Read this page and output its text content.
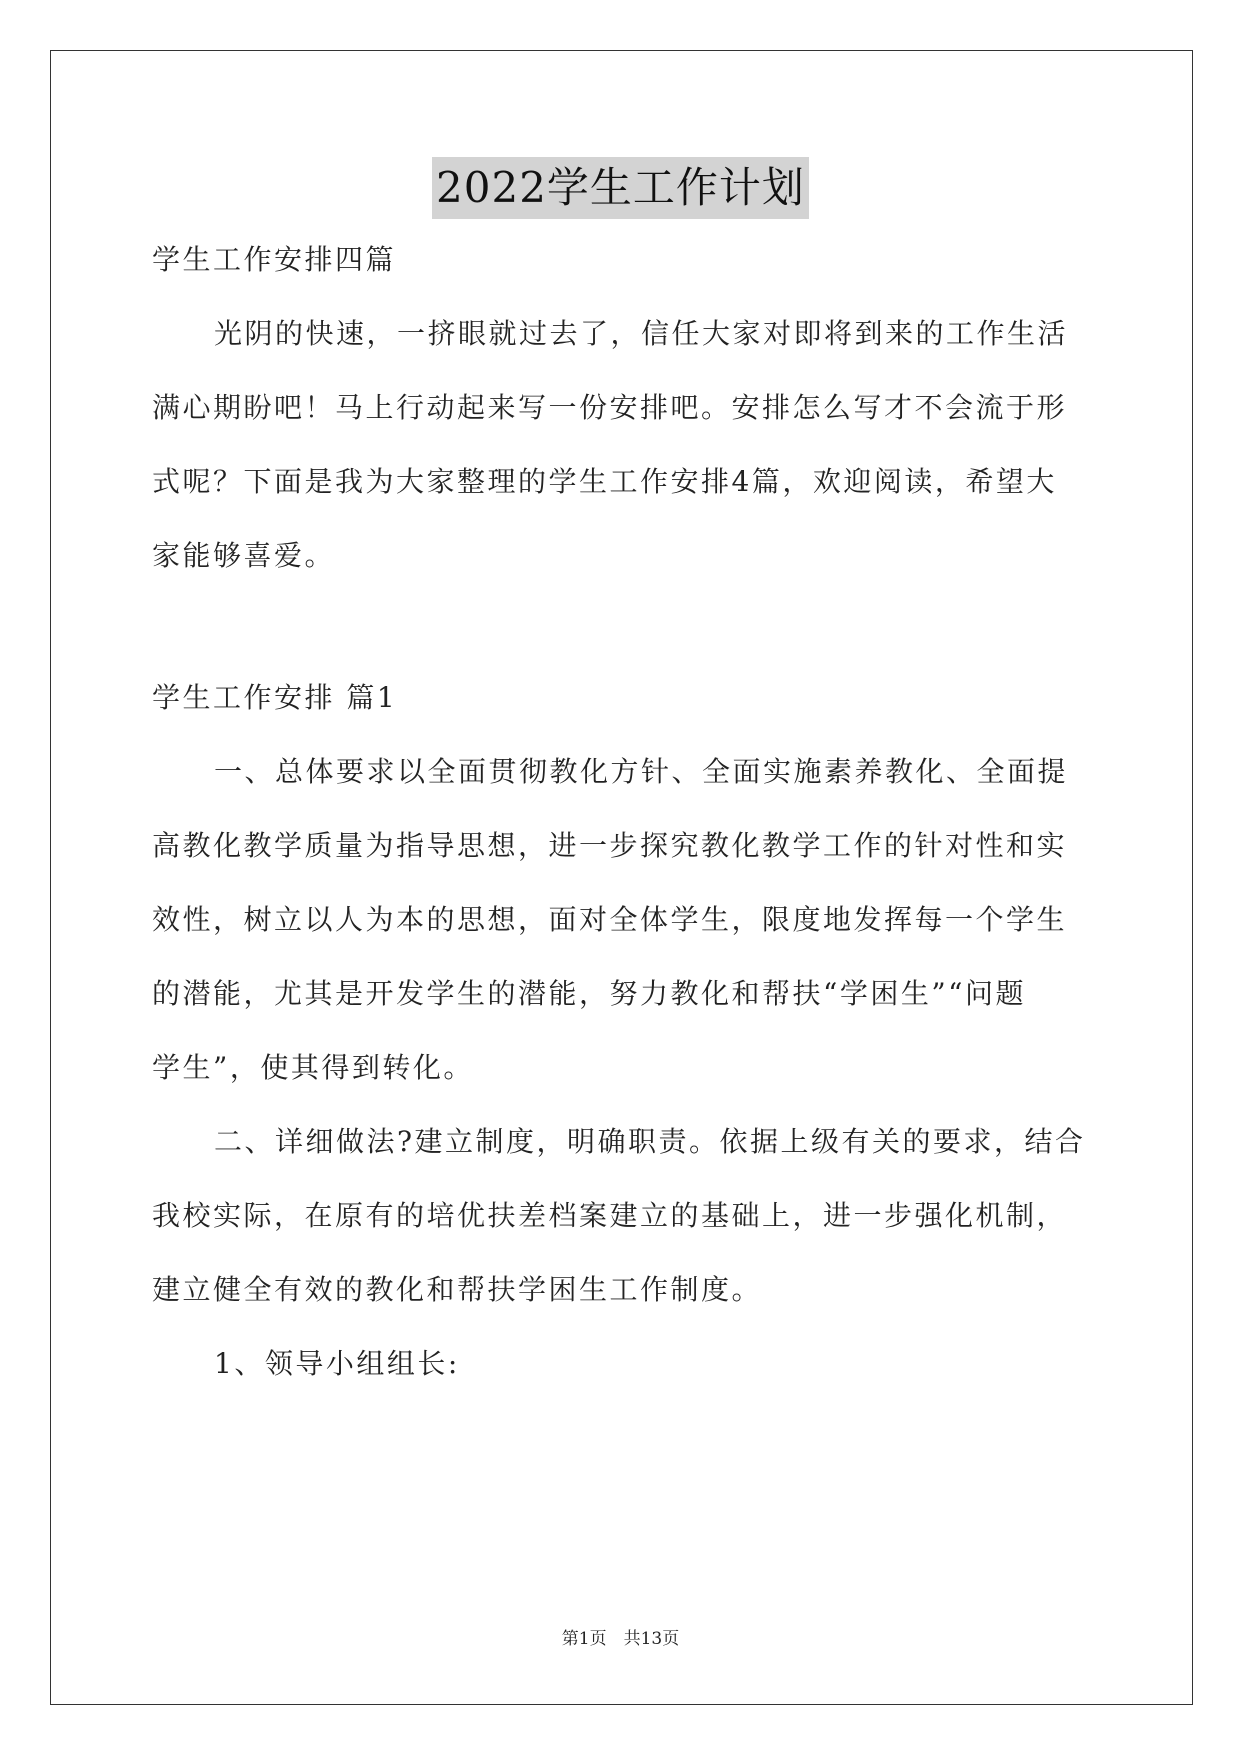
2022学生工作计划
学生工作安排四篇
光阴的快速，一挤眼就过去了，信任大家对即将到来的工作生活
满心期盼吧！马上行动起来写一份安排吧。安排怎么写才不会流于形
式呢？下面是我为大家整理的学生工作安排4篇，欢迎阅读，希望大
家能够喜爱。
学生工作安排 篇1
一、总体要求以全面贯彻教化方针、全面实施素养教化、全面提
高教化教学质量为指导思想，进一步探究教化教学工作的针对性和实
效性，树立以人为本的思想，面对全体学生，限度地发挥每一个学生
的潜能，尤其是开发学生的潜能，努力教化和帮扶“学困生”“问题
学生”，使其得到转化。
二、详细做法?建立制度，明确职责。依据上级有关的要求，结合
我校实际，在原有的培优扶差档案建立的基础上，进一步强化机制，
建立健全有效的教化和帮扶学困生工作制度。
1、领导小组组长:
第1页　共13页
